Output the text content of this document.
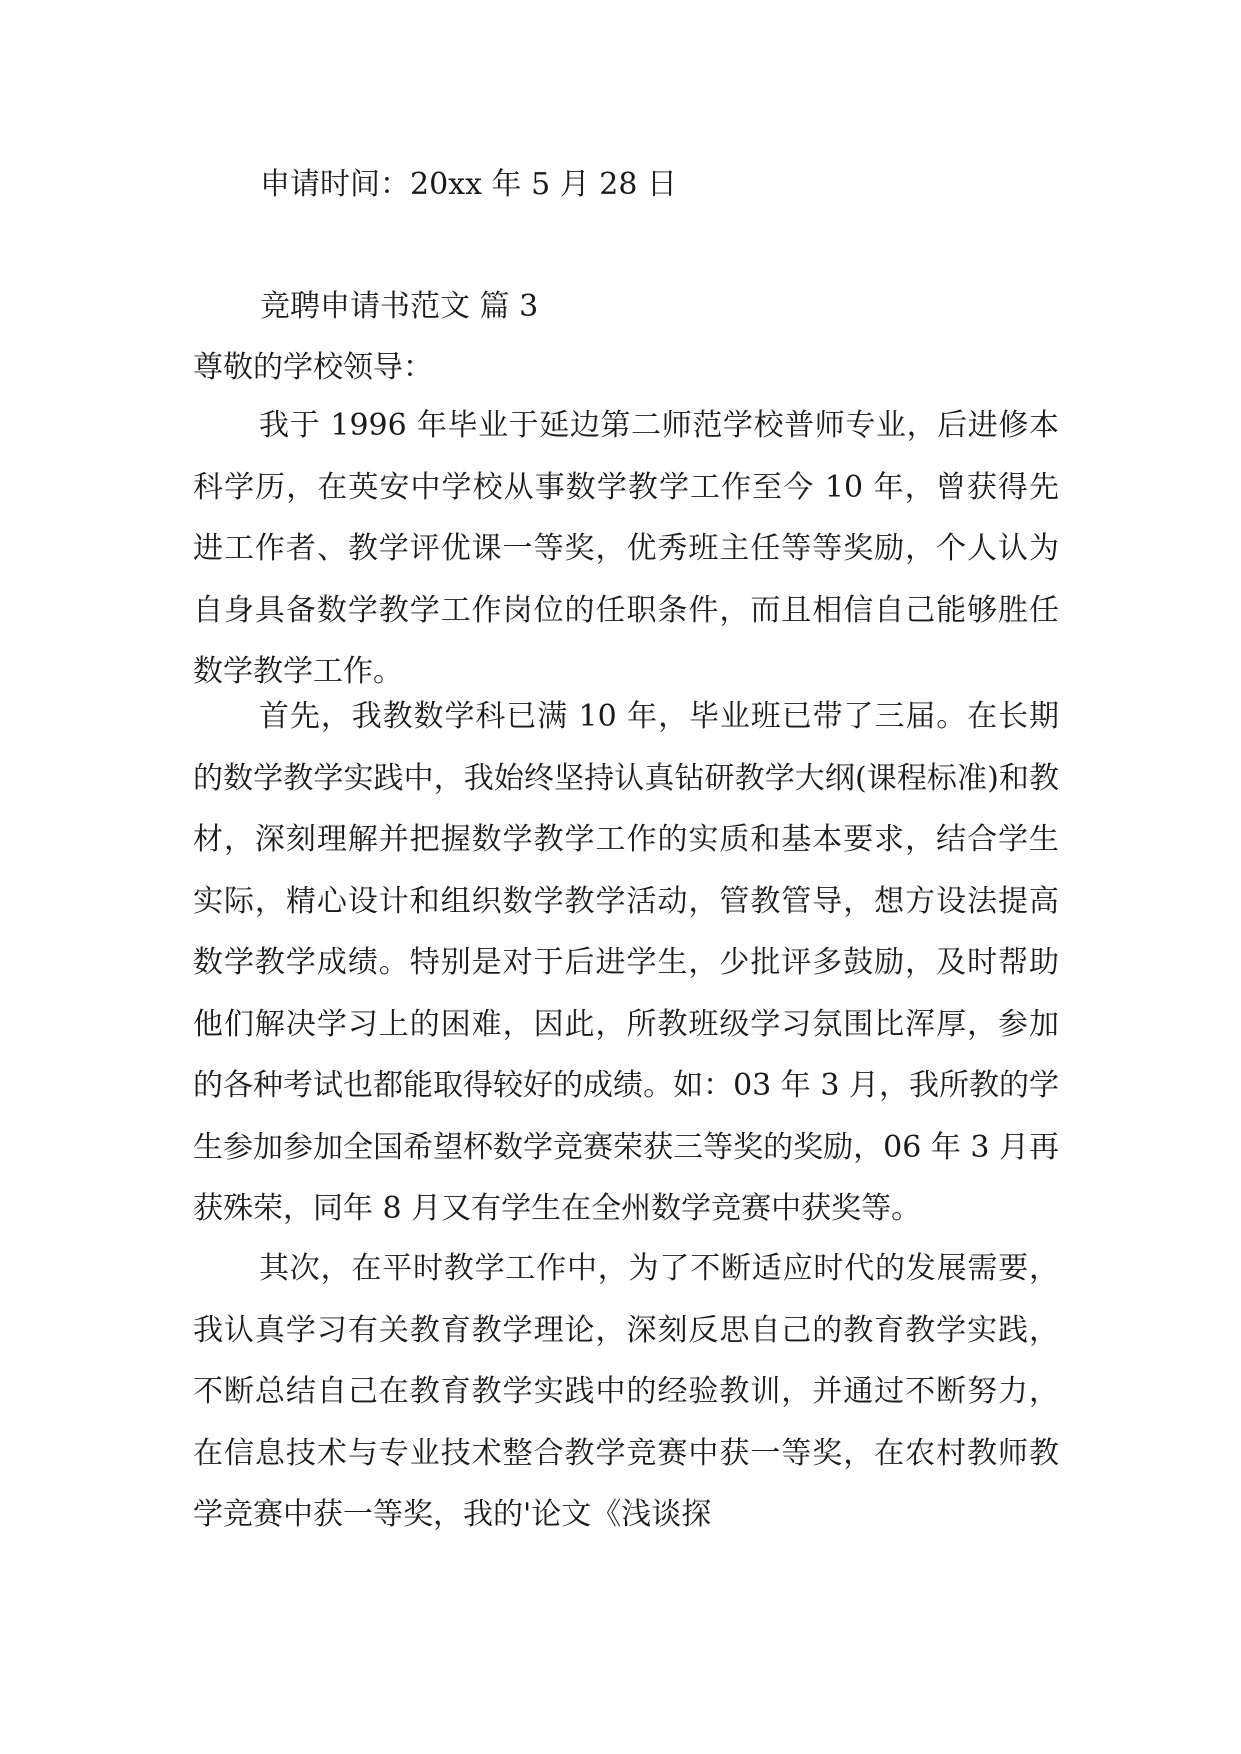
申请时间：20xx 年 5 月 28 日
竞聘申请书范文 篇 3
尊敬的学校领导：

我于 1996 年毕业于延边第二师范学校普师专业，后进修本科学历，在英安中学校从事数学教学工作至今 10 年，曾获得先进工作者、教学评优课一等奖，优秀班主任等等奖励，个人认为自身具备数学教学工作岗位的任职条件，而且相信自己能够胜任数学教学工作。

首先，我教数学科已满 10 年，毕业班已带了三届。在长期的数学教学实践中，我始终坚持认真钻研教学大纲(课程标准)和教材，深刻理解并把握数学教学工作的实质和基本要求，结合学生实际，精心设计和组织数学教学活动，管教管导，想方设法提高数学教学成绩。特别是对于后进学生，少批评多鼓励，及时帮助他们解决学习上的困难，因此，所教班级学习氛围比浑厚，参加的各种考试也都能取得较好的成绩。如：03 年 3 月，我所教的学生参加参加全国希望杯数学竞赛荣获三等奖的奖励，06 年 3 月再获殊荣，同年 8 月又有学生在全州数学竞赛中获奖等。

其次，在平时教学工作中，为了不断适应时代的发展需要，我认真学习有关教育教学理论，深刻反思自己的教育教学实践，不断总结自己在教育教学实践中的经验教训，并通过不断努力，在信息技术与专业技术整合教学竞赛中获一等奖，在农村教师教学竞赛中获一等奖，我的'论文《浅谈探
